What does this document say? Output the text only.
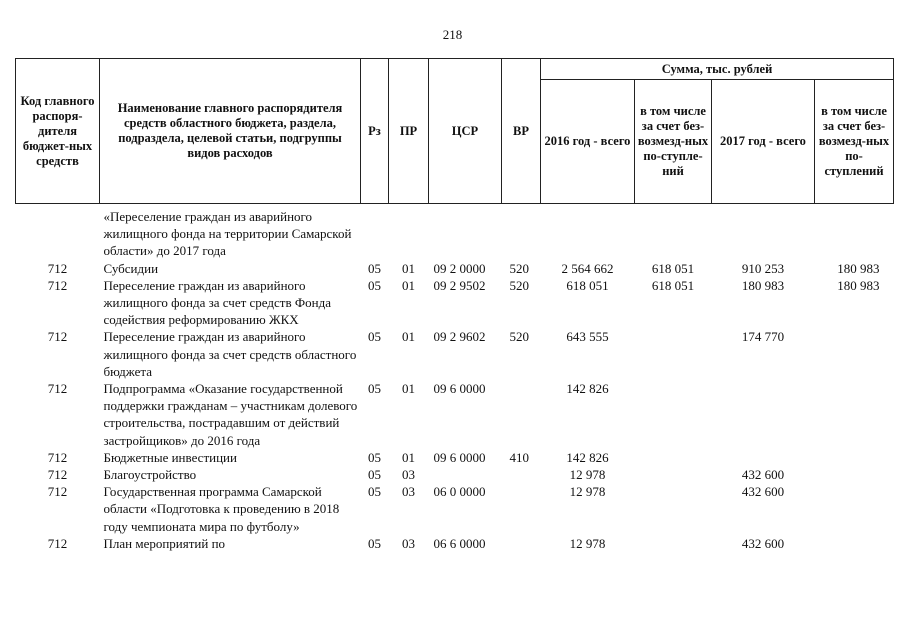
218
Код главного распоря-дителя бюджет-ных средств	Наименование главного распорядителя средств областного бюджета, раздела, подраздела, целевой статьи, подгруппы видов расходов	Рз	ПР	ЦСР	ВР	Сумма, тыс. рублей			
						2016 год - всего	в том числе за счет без-возмезд-ных по-ступле-ний	2017 год - всего	в том числе за счет без-возмезд-ных по-ступлений
	«Переселение граждан из аварийного жилищного фонда на территории Самарской области» до 2017 года								
712	Субсидии	05	01	09 2 0000	520	2 564 662	618 051	910 253	180 983
712	Переселение граждан из аварийного жилищного фонда за счет средств Фонда содействия реформированию ЖКХ	05	01	09 2 9502	520	618 051	618 051	180 983	180 983
712	Переселение граждан из аварийного жилищного фонда за счет средств областного бюджета	05	01	09 2 9602	520	643 555		174 770	
712	Подпрограмма «Оказание государственной поддержки гражданам – участникам долевого строительства, пострадавшим от действий застройщиков» до 2016 года	05	01	09 6 0000		142 826			
712	Бюджетные инвестиции	05	01	09 6 0000	410	142 826			
712	Благоустройство	05	03			12 978		432 600	
712	Государственная программа Самарской области «Подготовка к проведению в 2018 году чемпионата мира по футболу»	05	03	06 0 0000		12 978		432 600	
712	План мероприятий по	05	03	06 6 0000		12 978		432 600	
